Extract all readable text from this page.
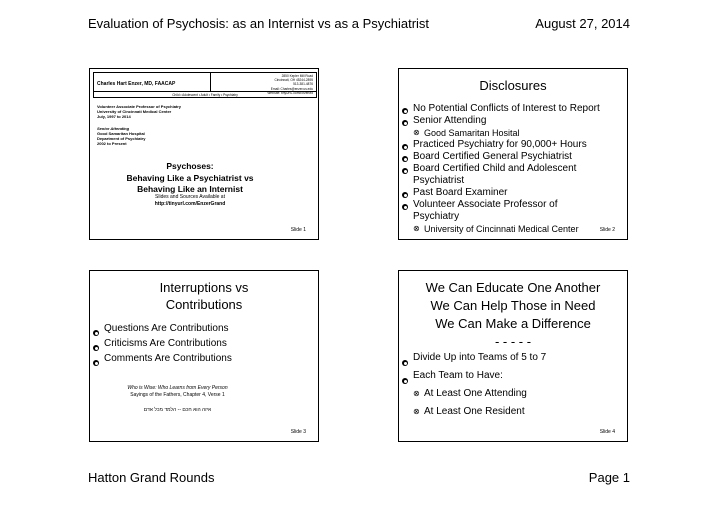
Evaluation of Psychosis: as an Internist vs as a Psychiatrist	August 27, 2014
Charles Hart Enzer, MD, FAACAP
2850 Kepler Mill Road
Cincinnati, OH 45244-2895
513-381-4876
Email: Charles@enzer.us.edu
WebSite: tinyURL.com/EnzerMd
Child • Adolescent • Adult • Family • Psychiatry
Volunteer Associate Professor of Psychiatry
University of Cincinnati Medical Center
July, 1997 to 2014
Senior Attending
Good Samaritan Hospital
Department of Psychiatry
2002 to Present
Psychoses:
Behaving Like a Psychiatrist vs
Behaving Like an Internist
Slides and Sources Available at
http://tinyurl.com/EnzerGrand
Slide 1
Disclosures
No Potential Conflicts of Interest to Report
Senior Attending
⊗ Good Samaritan Hosital
Practiced Psychiatry for 90,000+ Hours
Board Certified General Psychiatrist
Board Certified Child and Adolescent
Psychiatrist
Past Board Examiner
Volunteer Associate Professor of
Psychiatry
⊗ University of Cincinnati Medical Center	Slide 2
Interruptions vs
Contributions
Questions Are Contributions
Criticisms Are Contributions
Comments Are Contributions
Who is Wise: Who Learns from Every Person
Sayings of the Fathers, Chapter 4, Verse 1
איזה הוא חכם -- הלמד מכל אדם
Slide 3
We Can Educate One Another
We Can Help Those in Need
We Can Make a Difference
- - - - -
Divide Up into Teams of 5 to 7
Each Team to Have:
⊗ At Least One Attending
⊗ At Least One Resident
Slide 4
Hatton Grand Rounds	Page 1
